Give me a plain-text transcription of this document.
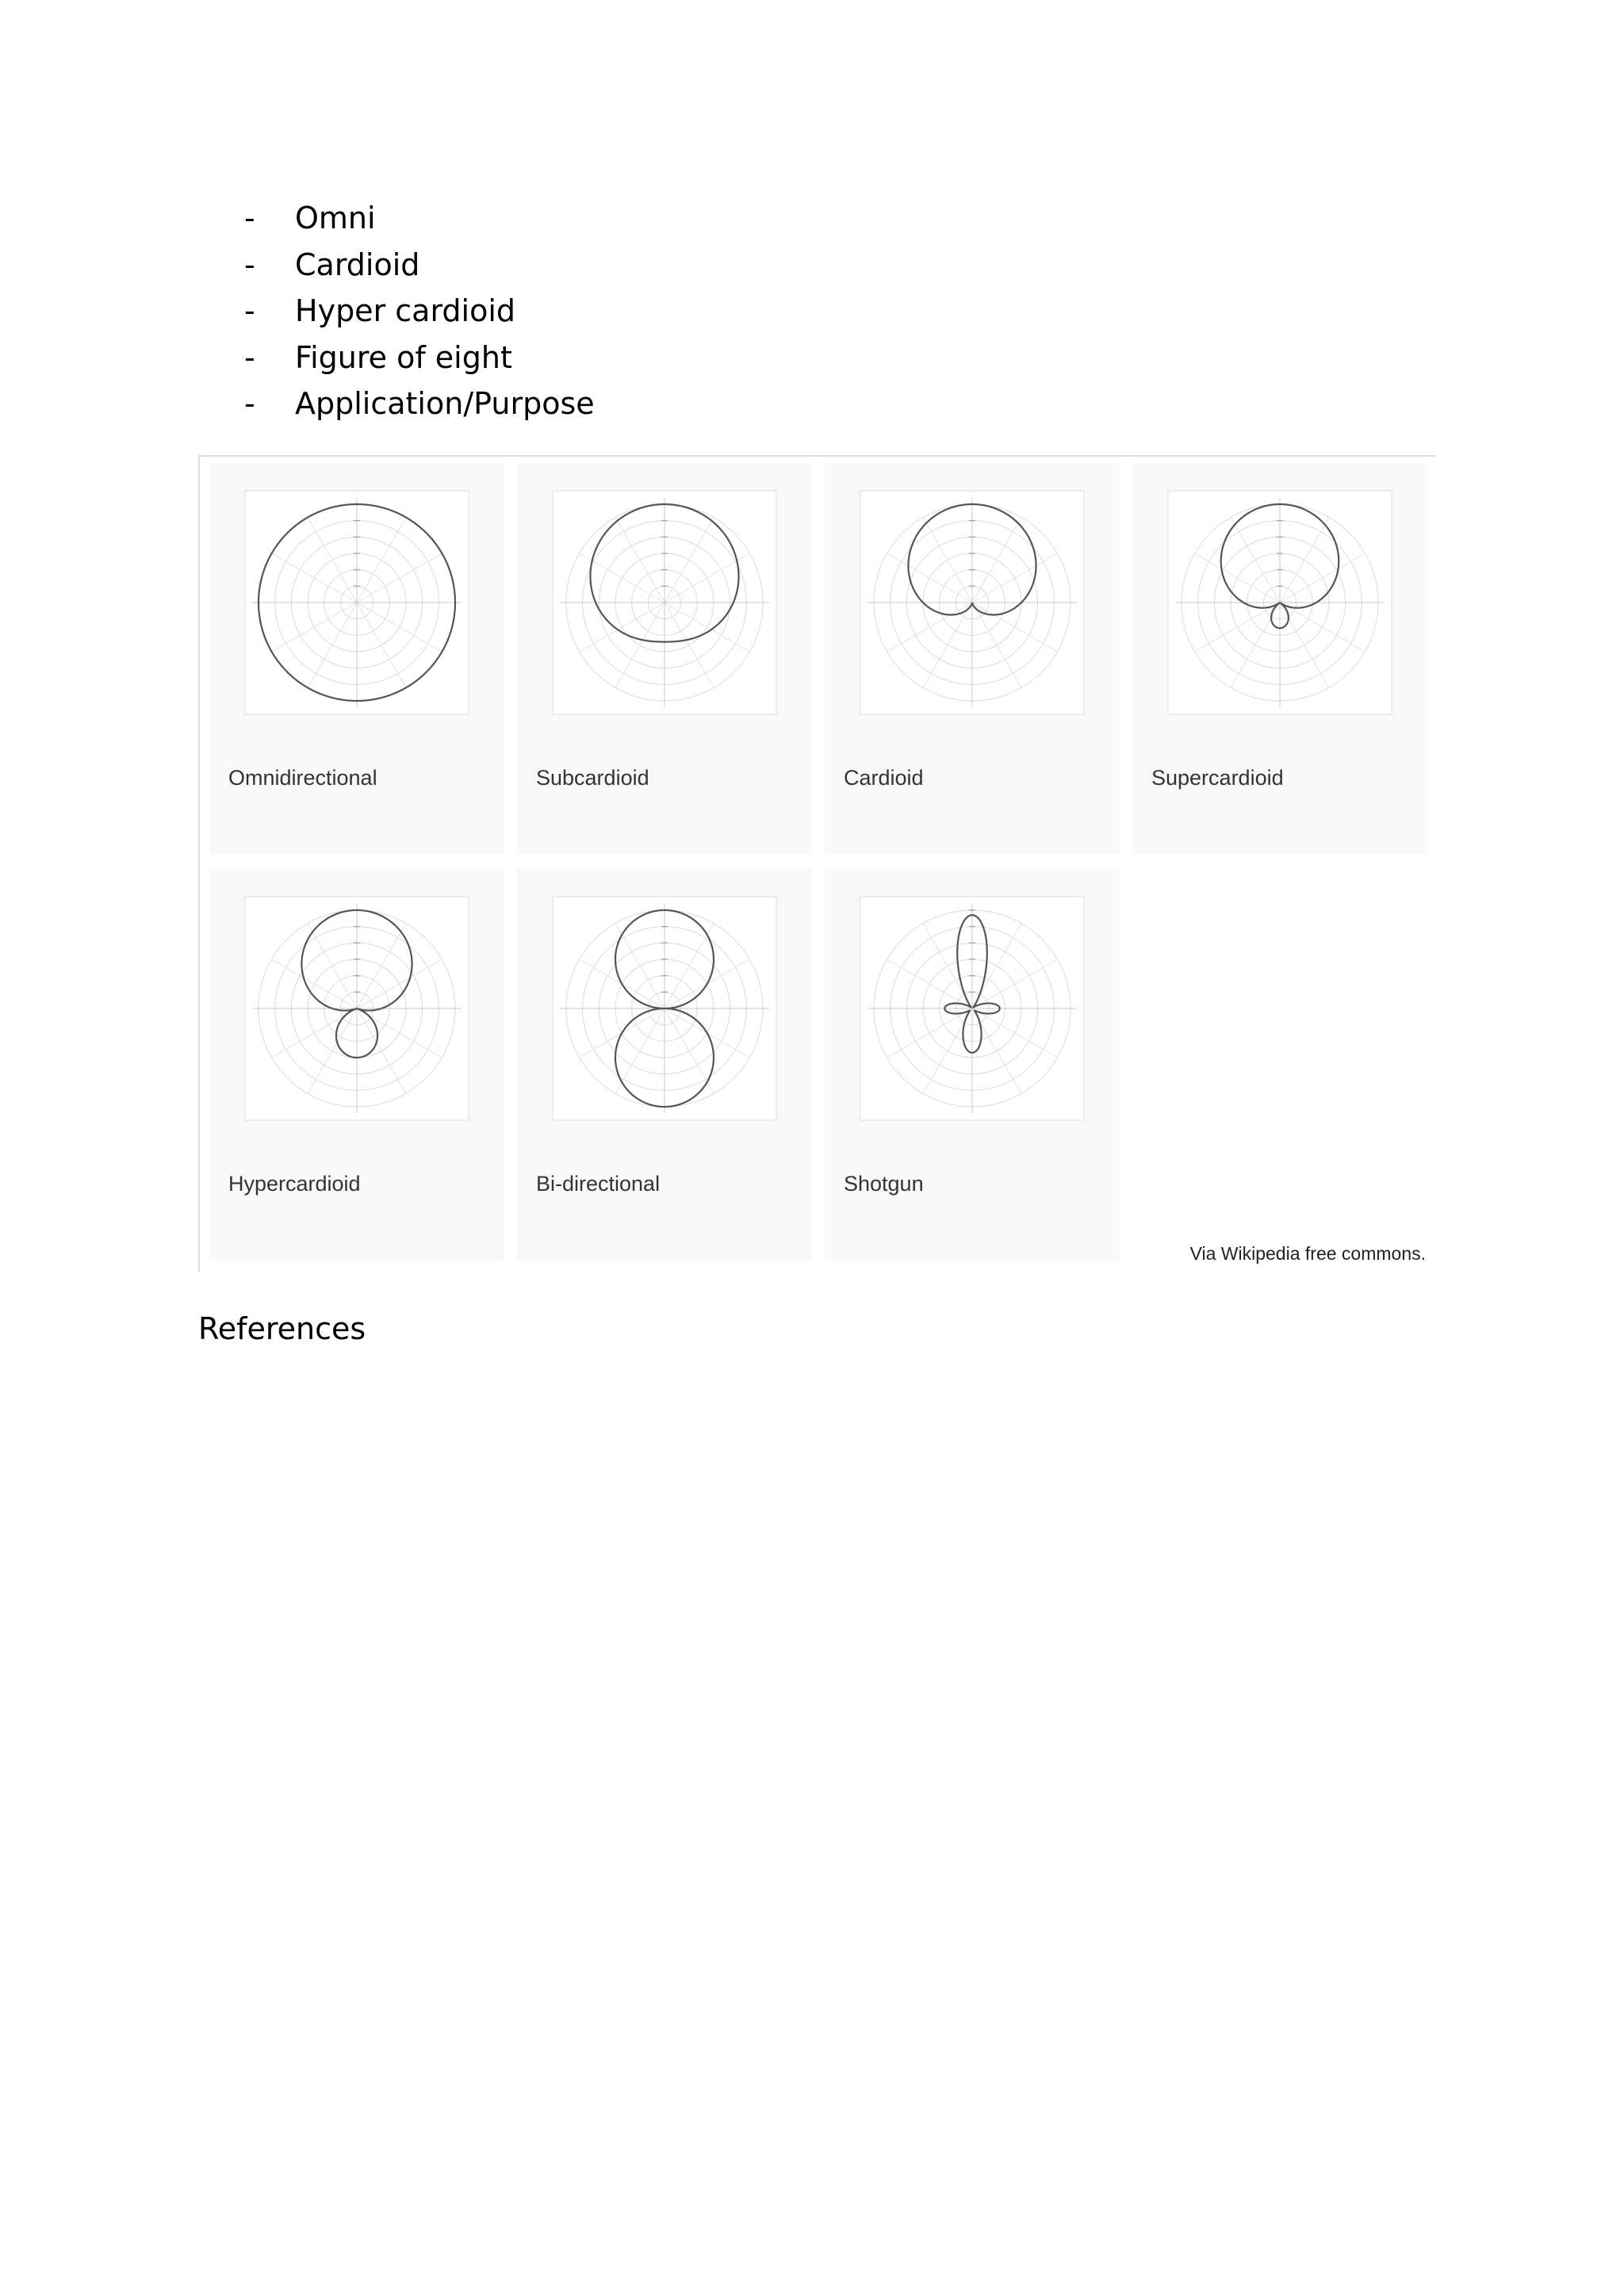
-	Omni
-	Cardioid
-	Hyper cardioid
-	Figure of eight
-	Application/Purpose
Omnidirectional	Subcardioid	Cardioid	Supercardioid
Hypercardioid	Bi-directional	Shotgun
Via Wikipedia free commons.
References
